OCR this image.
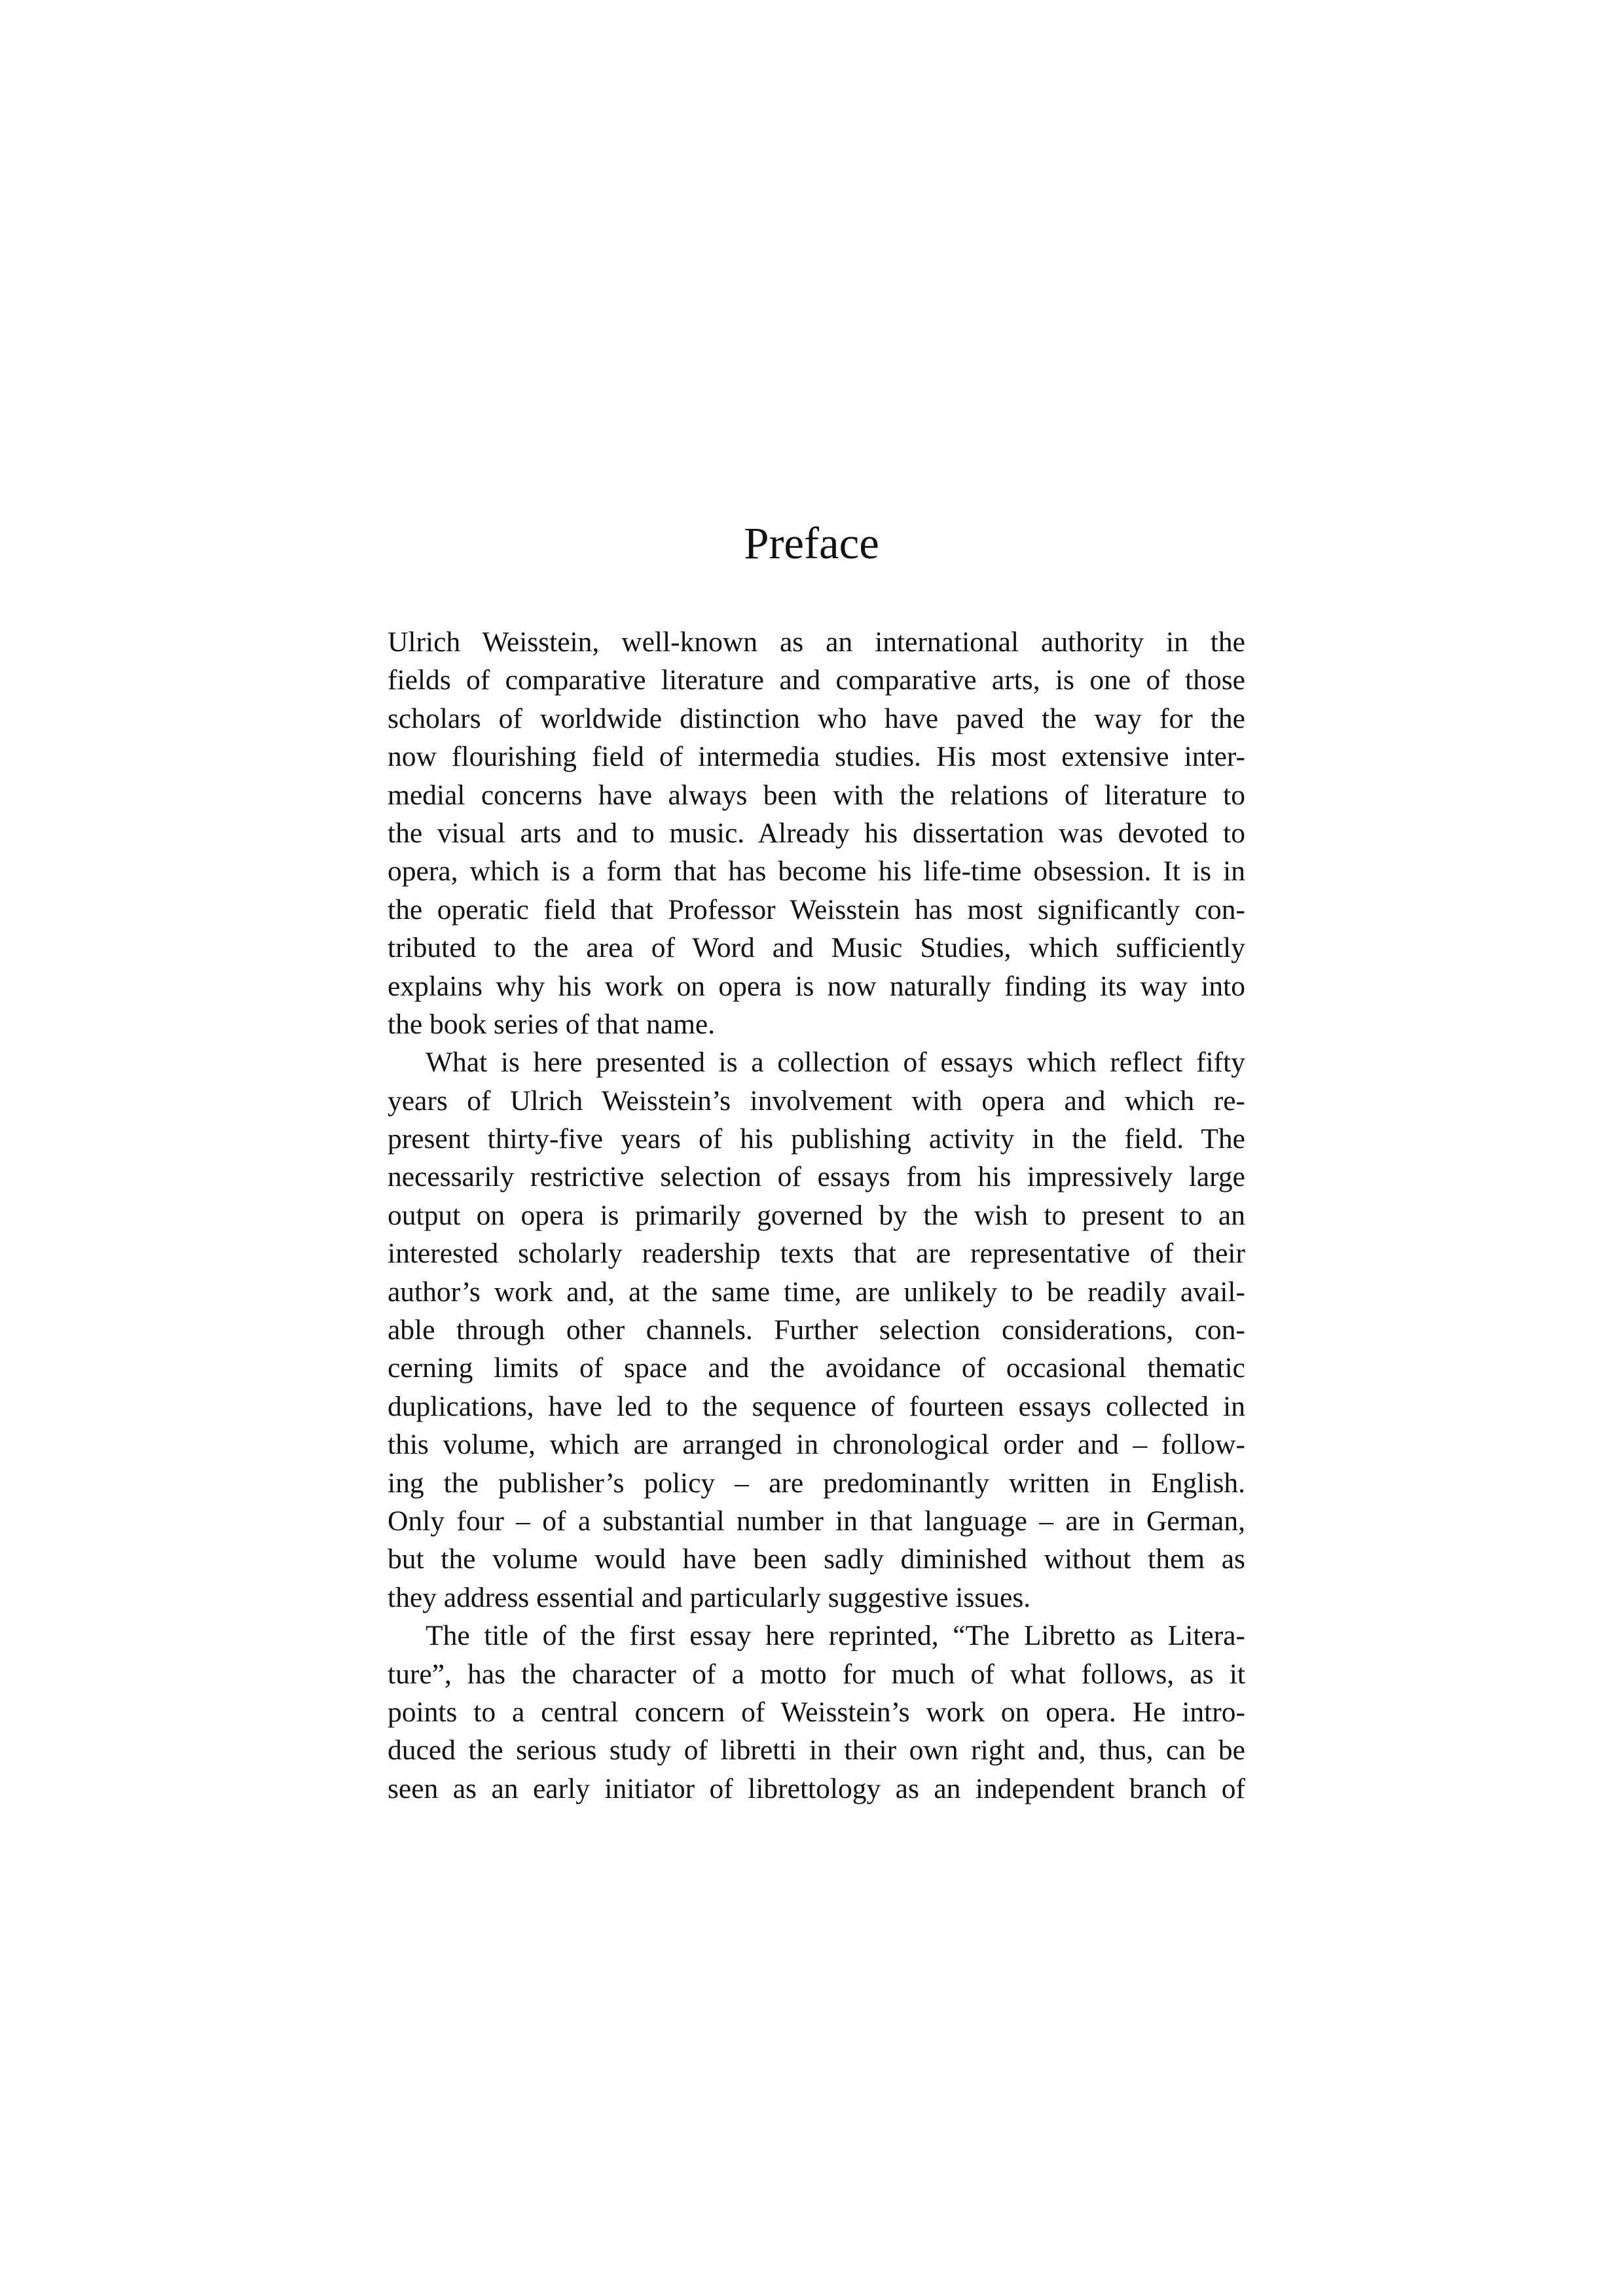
Preface

Ulrich Weisstein, well-known as an international authority in the
fields of comparative literature and comparative arts, is one of those
scholars of worldwide distinction who have paved the way for the
now flourishing field of intermedia studies. His most extensive inter-
medial concerns have always been with the relations of literature to
the visual arts and to music. Already his dissertation was devoted to
opera, which is a form that has become his life-time obsession. It is in
the operatic field that Professor Weisstein has most significantly con-
tributed to the area of Word and Music Studies, which sufficiently
explains why his work on opera is now naturally finding its way into
the book series of that name.

What is here presented is a collection of essays which reflect fifty
years of Ulrich Weisstein’s involvement with opera and which re-
present thirty-five years of his publishing activity in the field. The
necessarily restrictive selection of essays from his impressively large
output on opera is primarily governed by the wish to present to an
interested scholarly readership texts that are representative of their
author’s work and, at the same time, are unlikely to be readily avail-
able through other channels. Further selection considerations, con-
cerning limits of space and the avoidance of occasional thematic
duplications, have led to the sequence of fourteen essays collected in
this volume, which are arranged in chronological order and – follow-
ing the publisher’s policy – are predominantly written in English.
Only four – of a substantial number in that language – are in German,
but the volume would have been sadly diminished without them as
they address essential and particularly suggestive issues.

The title of the first essay here reprinted, “The Libretto as Litera-
ture”, has the character of a motto for much of what follows, as it
points to a central concern of Weisstein’s work on opera. He intro-
duced the serious study of libretti in their own right and, thus, can be
seen as an early initiator of librettology as an independent branch of
